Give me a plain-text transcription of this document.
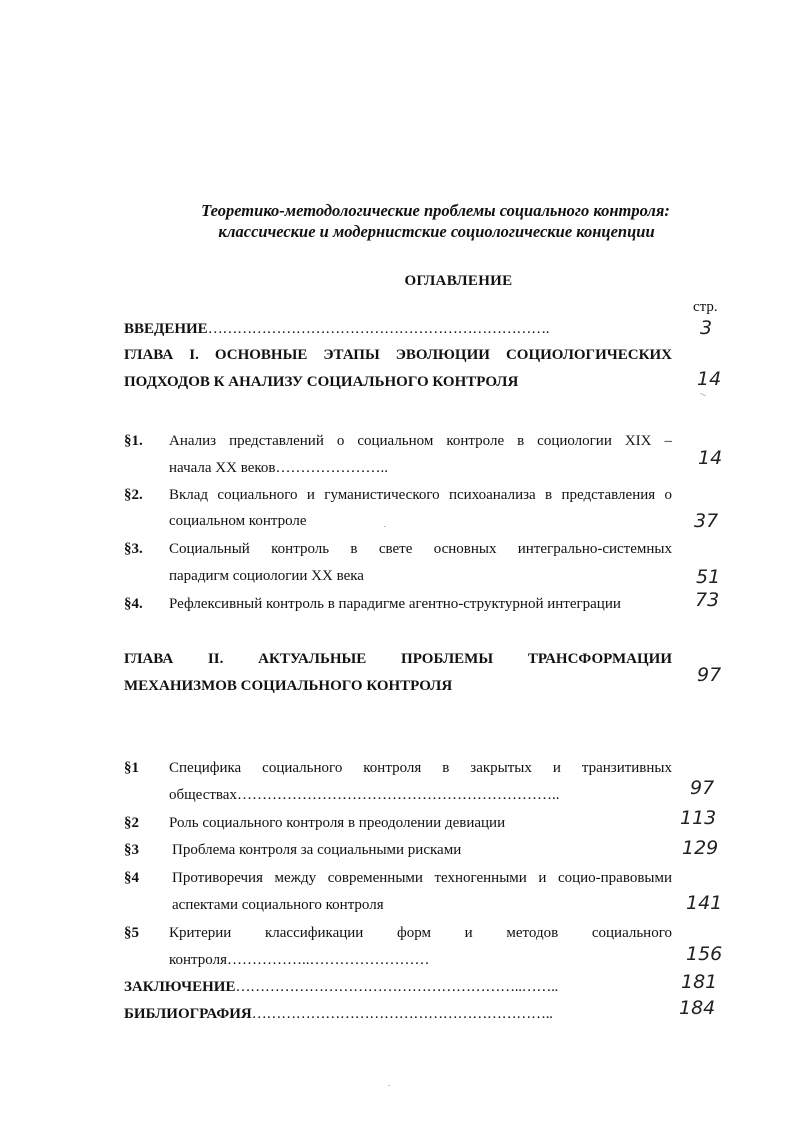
Теоретико-методологические проблемы социального контроля:
классические и модернистские социологические концепции
ОГЛАВЛЕНИЕ
стр.
ВВЕДЕНИЕ…………………………………………………………….	3
ГЛАВА I. ОСНОВНЫЕ ЭТАПЫ ЭВОЛЮЦИИ СОЦИОЛОГИЧЕСКИХ
ПОДХОДОВ К АНАЛИЗУ СОЦИАЛЬНОГО КОНТРОЛЯ	14
§1. Анализ представлений о социальном контроле в социологии XIX –
начала XX веков…………………..	14
§2. Вклад социального и гуманистического психоанализа в представления о
социальном контроле	37
§3. Социальный контроль в свете основных интегрально-системных
парадигм социологии XX века	51
§4. Рефлексивный контроль в парадигме агентно-структурной интеграции	73
ГЛАВА II. АКТУАЛЬНЫЕ ПРОБЛЕМЫ ТРАНСФОРМАЦИИ
МЕХАНИЗМОВ СОЦИАЛЬНОГО КОНТРОЛЯ	97
§1 Специфика социального контроля в закрытых и транзитивных
обществах………………………………………………………..	97
§2 Роль социального контроля в преодолении девиации	113
§3 Проблема контроля за социальными рисками	129
§4 Противоречия между современными техногенными и социо-правовыми
аспектами социального контроля	141
§5 Критерии классификации форм и методов социального
контроля……………..……………………	156
ЗАКЛЮЧЕНИЕ…………………………………………………..……..	181
БИБЛИОГРАФИЯ……………………………………………………..	184
